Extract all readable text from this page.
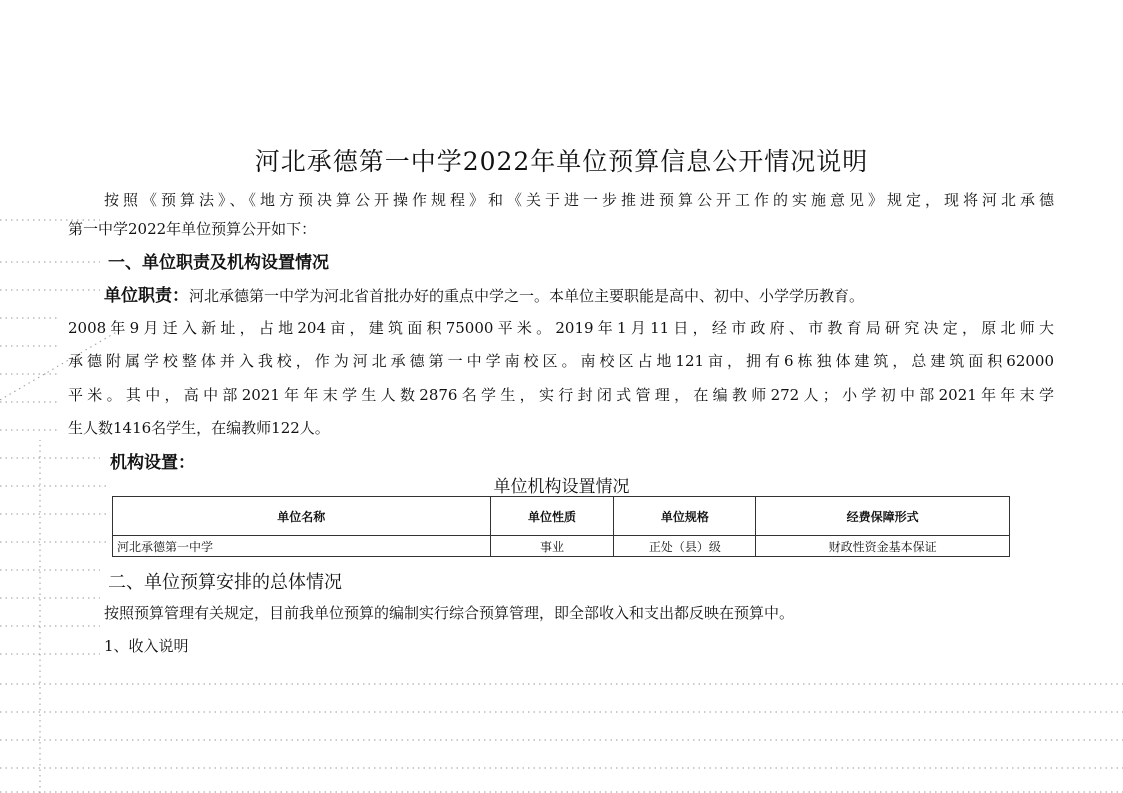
河北承德第一中学2022年单位预算信息公开情况说明
按照《预算法》、《地方预决算公开操作规程》和《关于进一步推进预算公开工作的实施意见》规定，现将河北承德
第一中学2022年单位预算公开如下：
一、单位职责及机构设置情况
单位职责：河北承德第一中学为河北省首批办好的重点中学之一。本单位主要职能是高中、初中、小学学历教育。
2008年9月迁入新址，占地204亩，建筑面积75000平米。2019年1月11日，经市政府、市教育局研究决定，原北师大
承德附属学校整体并入我校，作为河北承德第一中学南校区。南校区占地121亩，拥有6栋独体建筑，总建筑面积62000
平米。其中，高中部2021年年末学生人数2876名学生，实行封闭式管理，在编教师272人；小学初中部2021年年末学
生人数1416名学生，在编教师122人。
机构设置：
单位机构设置情况
单位名称	单位性质	单位规格	经费保障形式
河北承德第一中学	事业	正处（县）级	财政性资金基本保证
二、单位预算安排的总体情况
按照预算管理有关规定，目前我单位预算的编制实行综合预算管理，即全部收入和支出都反映在预算中。
1、收入说明
